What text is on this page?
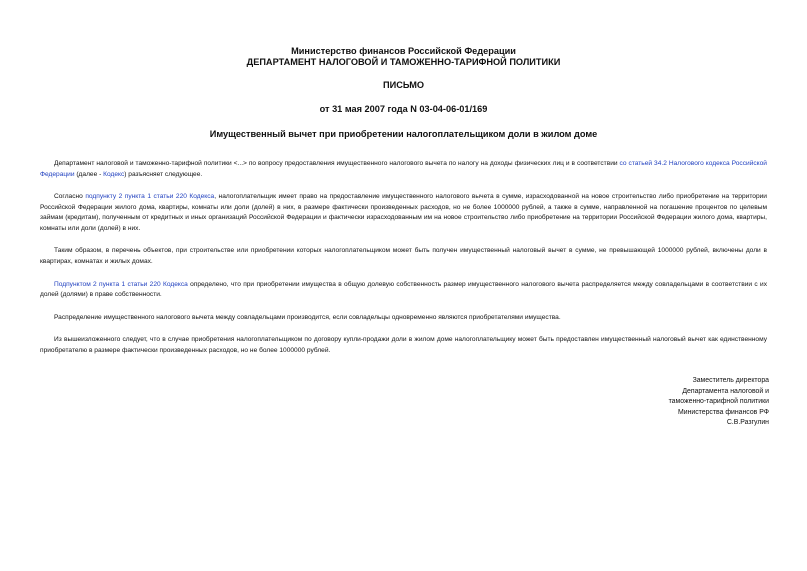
Министерство финансов Российской Федерации
ДЕПАРТАМЕНТ НАЛОГОВОЙ И ТАМОЖЕННО-ТАРИФНОЙ ПОЛИТИКИ
ПИСЬМО
от 31 мая 2007 года N 03-04-06-01/169
Имущественный вычет при приобретении налогоплательщиком доли в жилом доме

Департамент налоговой и таможенно-тарифной политики <...> по вопросу предоставления имущественного налогового вычета по налогу на доходы физических лиц и в соответствии со статьей 34.2 Налогового кодекса Российской Федерации (далее - Кодекс) разъясняет следующее.

Согласно подпункту 2 пункта 1 статьи 220 Кодекса, налогоплательщик имеет право на предоставление имущественного налогового вычета в сумме, израсходованной на новое строительство либо приобретение на территории Российской Федерации жилого дома, квартиры, комнаты или доли (долей) в них, в размере фактически произведенных расходов, но не более 1000000 рублей, а также в сумме, направленной на погашение процентов по целевым займам (кредитам), полученным от кредитных и иных организаций Российской Федерации и фактически израсходованным им на новое строительство либо приобретение на территории Российской Федерации жилого дома, квартиры, комнаты или доли (долей) в них.

Таким образом, в перечень объектов, при строительстве или приобретении которых налогоплательщиком может быть получен имущественный налоговый вычет в сумме, не превышающей 1000000 рублей, включены доли в квартирах, комнатах и жилых домах.

Подпунктом 2 пункта 1 статьи 220 Кодекса определено, что при приобретении имущества в общую долевую собственность размер имущественного налогового вычета распределяется между совладельцами в соответствии с их долей (долями) в праве собственности.

Распределение имущественного налогового вычета между совладельцами производится, если совладельцы одновременно являются приобретателями имущества.

Из вышеизложенного следует, что в случае приобретения налогоплательщиком по договору купли-продажи доли в жилом доме налогоплательщику может быть предоставлен имущественный налоговый вычет как единственному приобретателю в размере фактически произведенных расходов, но не более 1000000 рублей.

Заместитель директора
Департамента налоговой и
таможенно-тарифной политики
Министерства финансов РФ
С.В.Разгулин
